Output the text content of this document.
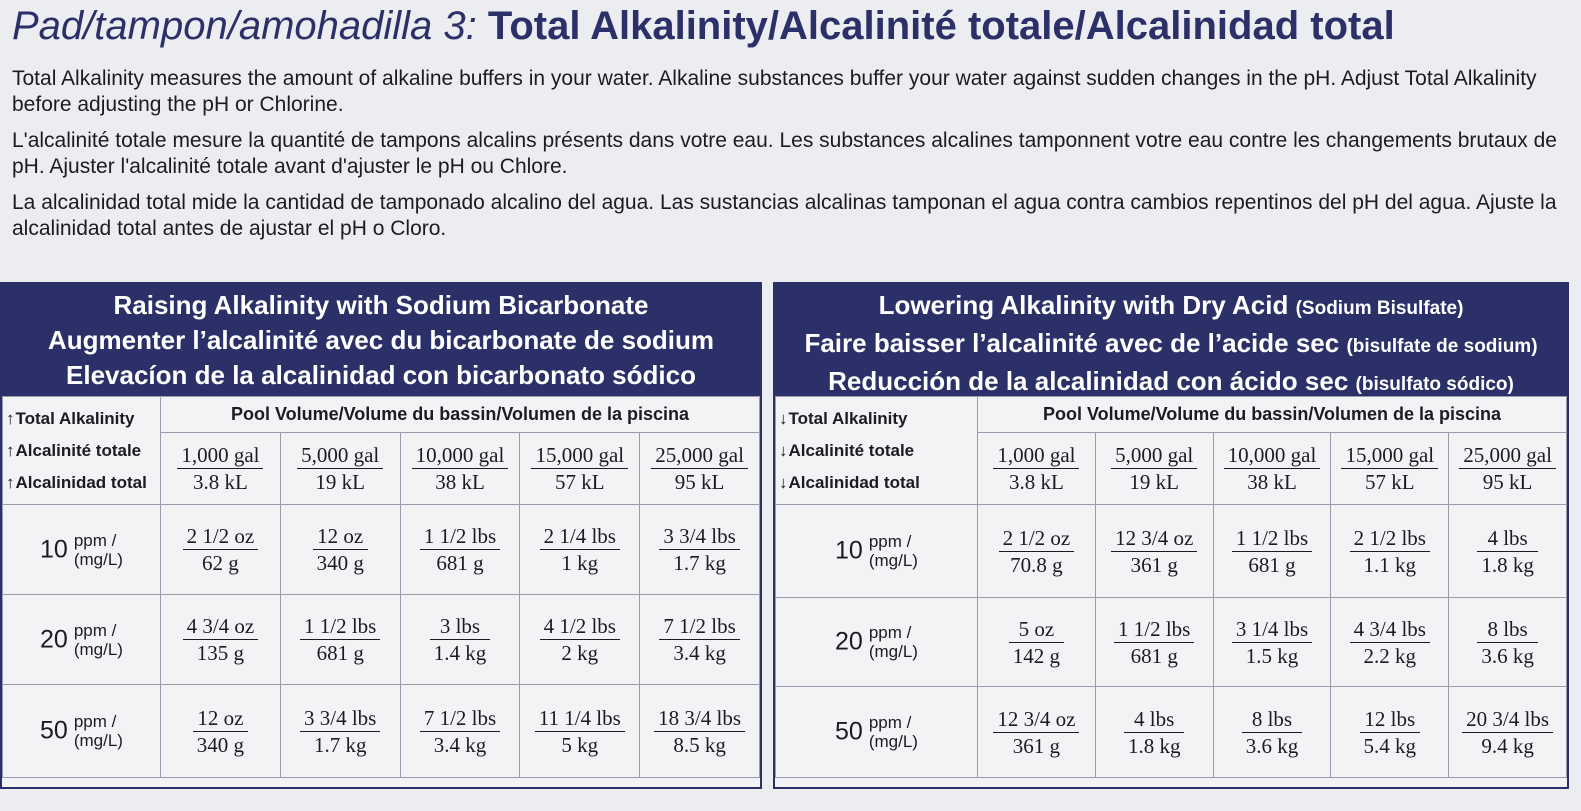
Pad/tampon/amohadilla 3: Total Alkalinity/Alcalinité totale/Alcalinidad total

Total Alkalinity measures the amount of alkaline buffers in your water. Alkaline substances buffer your water against sudden changes in the pH. Adjust Total Alkalinity before adjusting the pH or Chlorine.

L'alcalinité totale mesure la quantité de tampons alcalins présents dans votre eau. Les substances alcalines tamponnent votre eau contre les changements brutaux de pH. Ajuster l'alcalinité totale avant d'ajuster le pH ou Chlore.

La alcalinidad total mide la cantidad de tamponado alcalino del agua. Las sustancias alcalinas tamponan el agua contra cambios repentinos del pH del agua. Ajuste la alcalinidad total antes de ajustar el pH o Cloro.

Raising Alkalinity with Sodium Bicarbonate
Augmenter l’alcalinité avec du bicarbonate de sodium
Elevacíon de la alcalinidad con bicarbonato sódico
↑Total Alkalinity
↑Alcalinité totale
↑Alcalinidad total	Pool Volume/Volume du bassin/Volumen de la piscina				

	$\frac{\text{1,000 gal}}{3.8 kL}$	$\frac{\text{5,000 gal}}{19 kL}$	$\frac{\text{10,000 gal}}{38 kL}$	$\frac{\text{15,000 gal}}{57 kL}$	$\frac{\text{25,000 gal}}{95 kL}$

10 ppm /
(mg/L)	$\frac{2 1/2 oz}{62 g}$	$\frac{12 oz}{340 g}$	$\frac{\text{1 1/2 lbs}}{681 g}$	$\frac{\text{2 1/4 lbs}}{1 kg}$	$\frac{\text{3 3/4 lbs}}{1.7 kg}$

20 ppm /
(mg/L)	$\frac{4 3/4 oz}{135 g}$	$\frac{\text{1 1/2 lbs}}{681 g}$	$\frac{\text{3 lbs}}{1.4 kg}$	$\frac{\text{4 1/2 lbs}}{2 kg}$	$\frac{\text{7 1/2 lbs}}{3.4 kg}$

50 ppm /
(mg/L)	$\frac{12 oz}{340 g}$	$\frac{\text{3 3/4 lbs}}{1.7 kg}$	$\frac{\text{7 1/2 lbs}}{3.4 kg}$	$\frac{\text{11 1/4 lbs}}{5 kg}$	$\frac{\text{18 3/4 lbs}}{8.5 kg}$
Lowering Alkalinity with Dry Acid (Sodium Bisulfate)
Faire baisser l’alcalinité avec de l’acide sec (bisulfate de sodium)
Reducción de la alcalinidad con ácido sec (bisulfato sódico)
↓Total Alkalinity
↓Alcalinité totale
↓Alcalinidad total	Pool Volume/Volume du bassin/Volumen de la piscina				

	$\frac{\text{1,000 gal}}{3.8 kL}$	$\frac{\text{5,000 gal}}{19 kL}$	$\frac{\text{10,000 gal}}{38 kL}$	$\frac{\text{15,000 gal}}{57 kL}$	$\frac{\text{25,000 gal}}{95 kL}$

10 ppm /
(mg/L)	$\frac{2 1/2 oz}{70.8 g}$	$\frac{12 3/4 oz}{361 g}$	$\frac{\text{1 1/2 lbs}}{681 g}$	$\frac{\text{2 1/2 lbs}}{1.1 kg}$	$\frac{\text{4 lbs}}{1.8 kg}$

20 ppm /
(mg/L)	$\frac{5 oz}{142 g}$	$\frac{\text{1 1/2 lbs}}{681 g}$	$\frac{\text{3 1/4 lbs}}{1.5 kg}$	$\frac{\text{4 3/4 lbs}}{2.2 kg}$	$\frac{\text{8 lbs}}{3.6 kg}$

50 ppm /
(mg/L)	$\frac{12 3/4 oz}{361 g}$	$\frac{\text{4 lbs}}{1.8 kg}$	$\frac{\text{8 lbs}}{3.6 kg}$	$\frac{\text{12 lbs}}{5.4 kg}$	$\frac{\text{20 3/4 lbs}}{9.4 kg}$
